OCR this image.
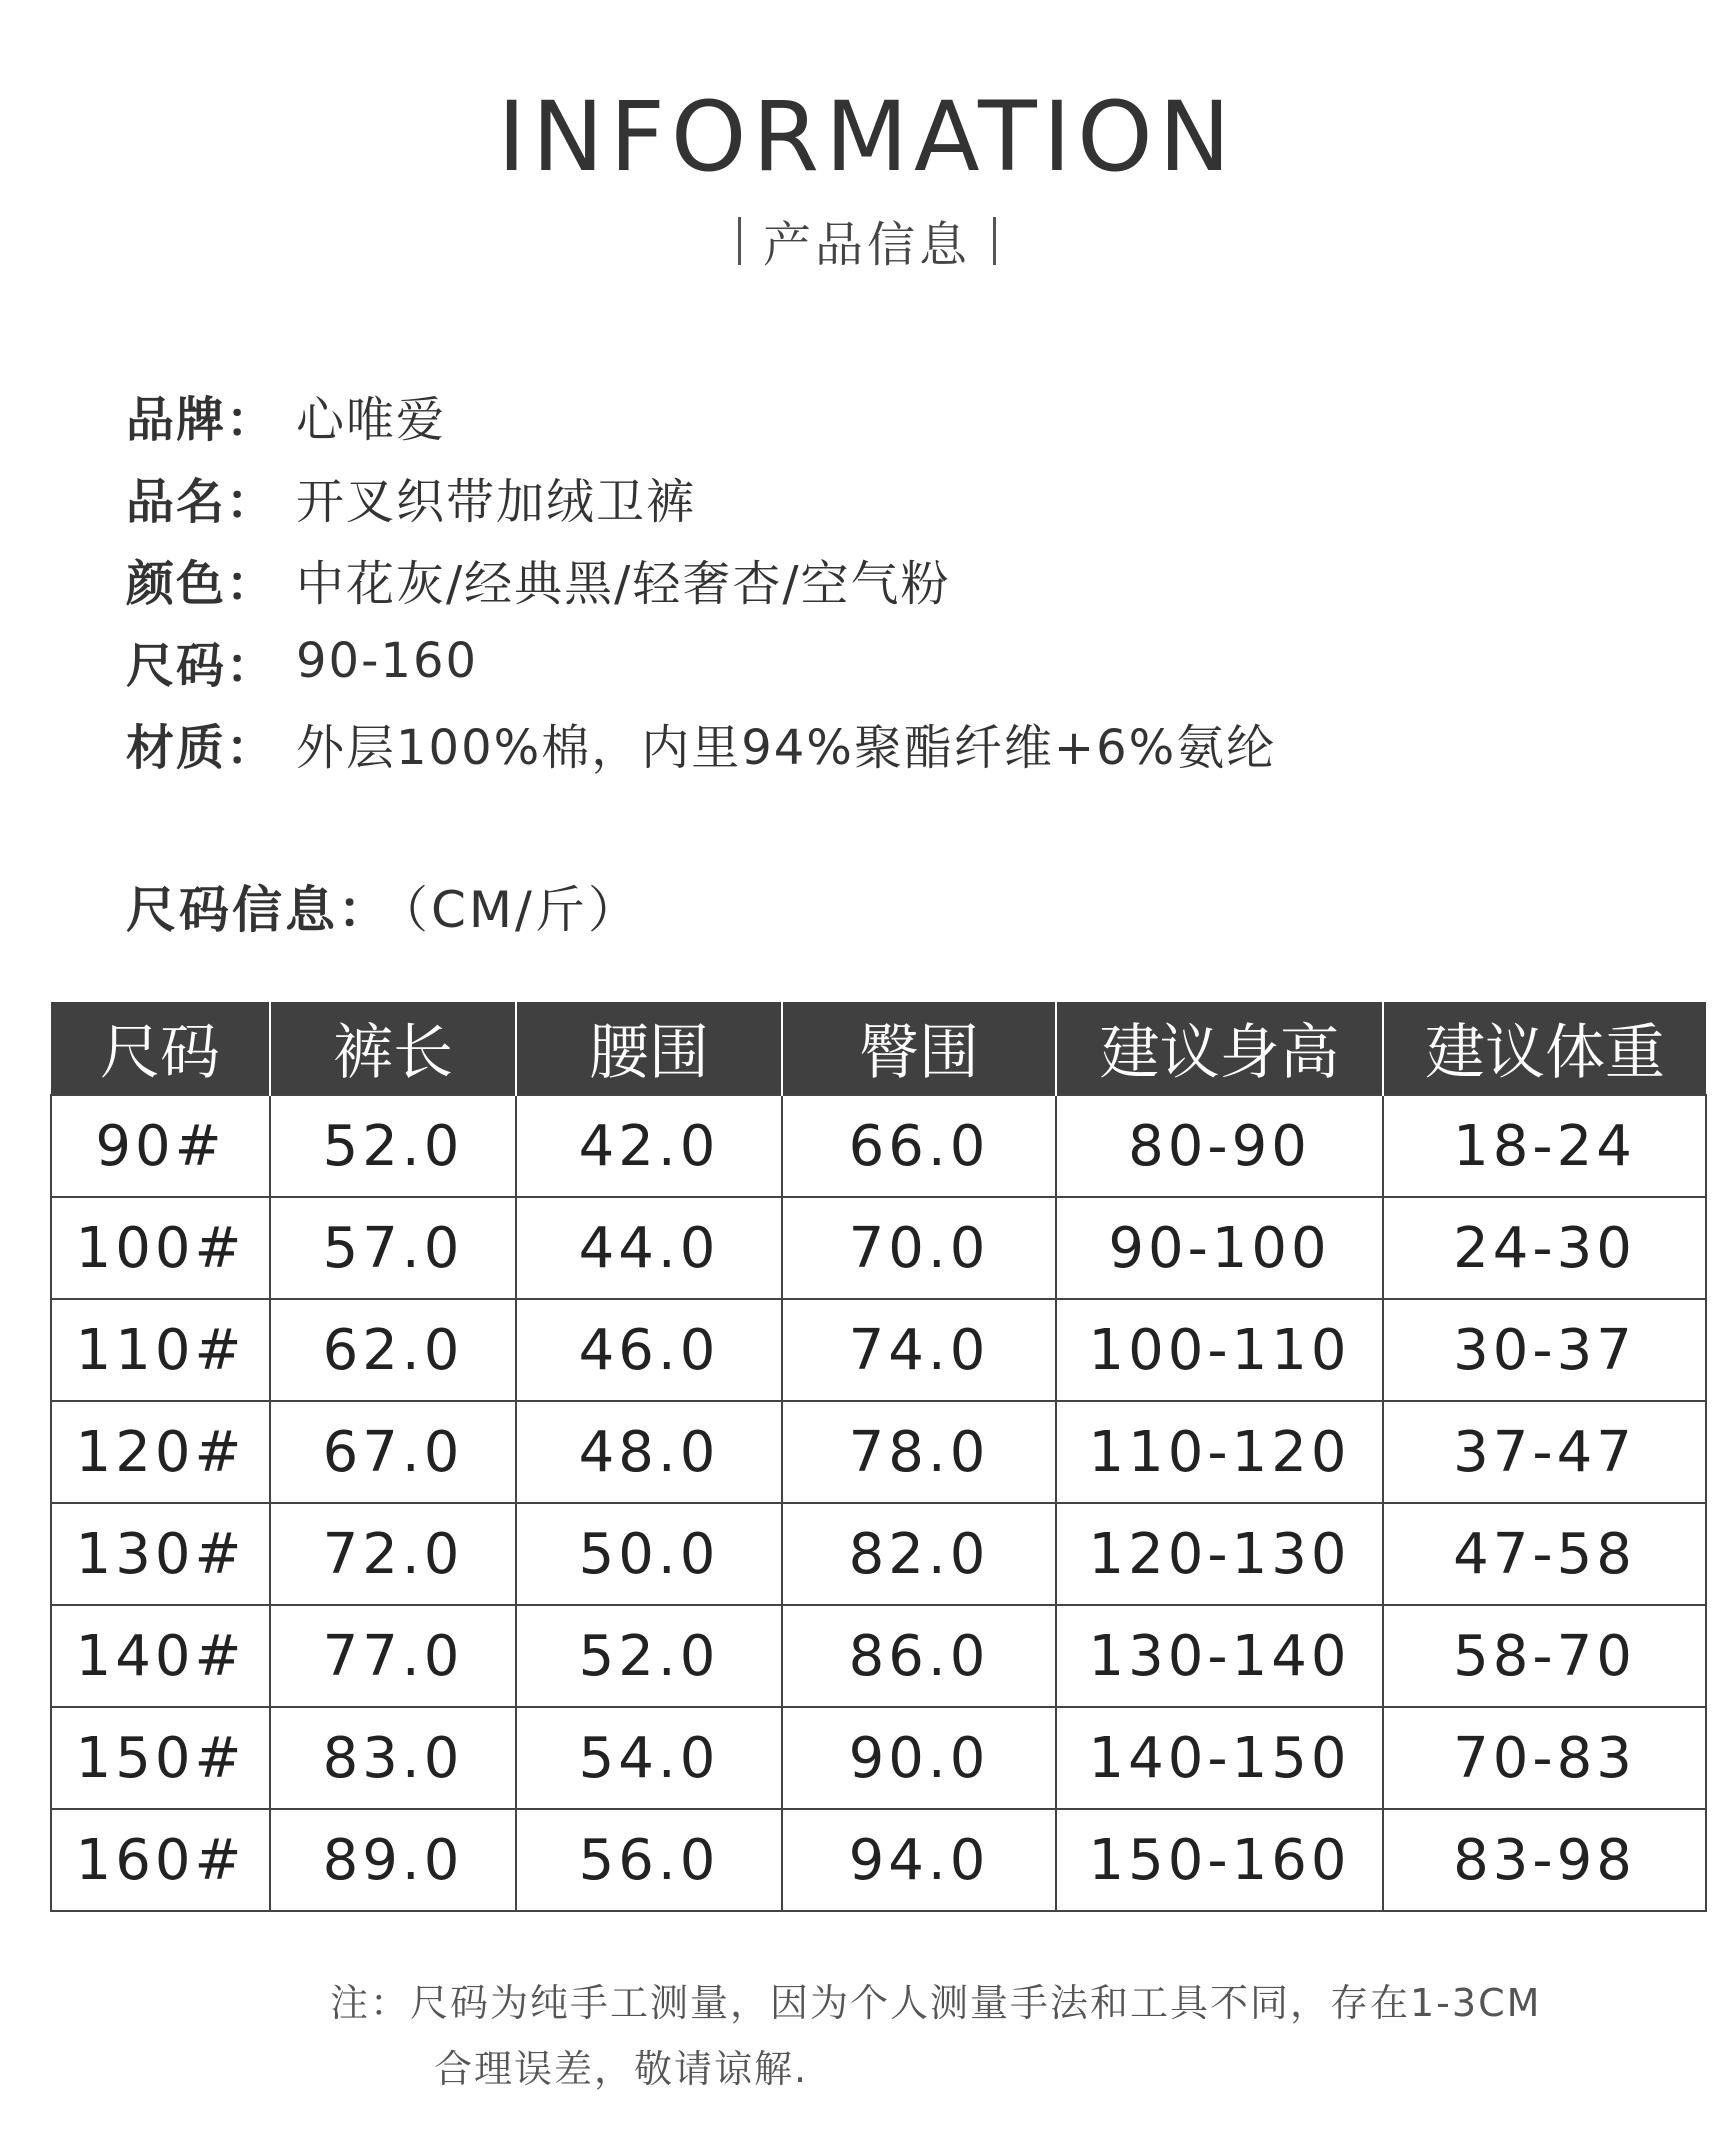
INFORMATION
产品信息
品牌： 心唯爱
品名： 开叉织带加绒卫裤
颜色： 中花灰/经典黑/轻奢杏/空气粉
尺码： 90-160
材质： 外层100%棉，内里94%聚酯纤维+6%氨纶
尺码信息： （CM/斤）
尺码	裤长	腰围	臀围	建议身高	建议体重
90#	52.0	42.0	66.0	80-90	18-24
100#	57.0	44.0	70.0	90-100	24-30
110#	62.0	46.0	74.0	100-110	30-37
120#	67.0	48.0	78.0	110-120	37-47
130#	72.0	50.0	82.0	120-130	47-58
140#	77.0	52.0	86.0	130-140	58-70
150#	83.0	54.0	90.0	140-150	70-83
160#	89.0	56.0	94.0	150-160	83-98
注：尺码为纯手工测量，因为个人测量手法和工具不同，存在1-3CM
合理误差，敬请谅解.
